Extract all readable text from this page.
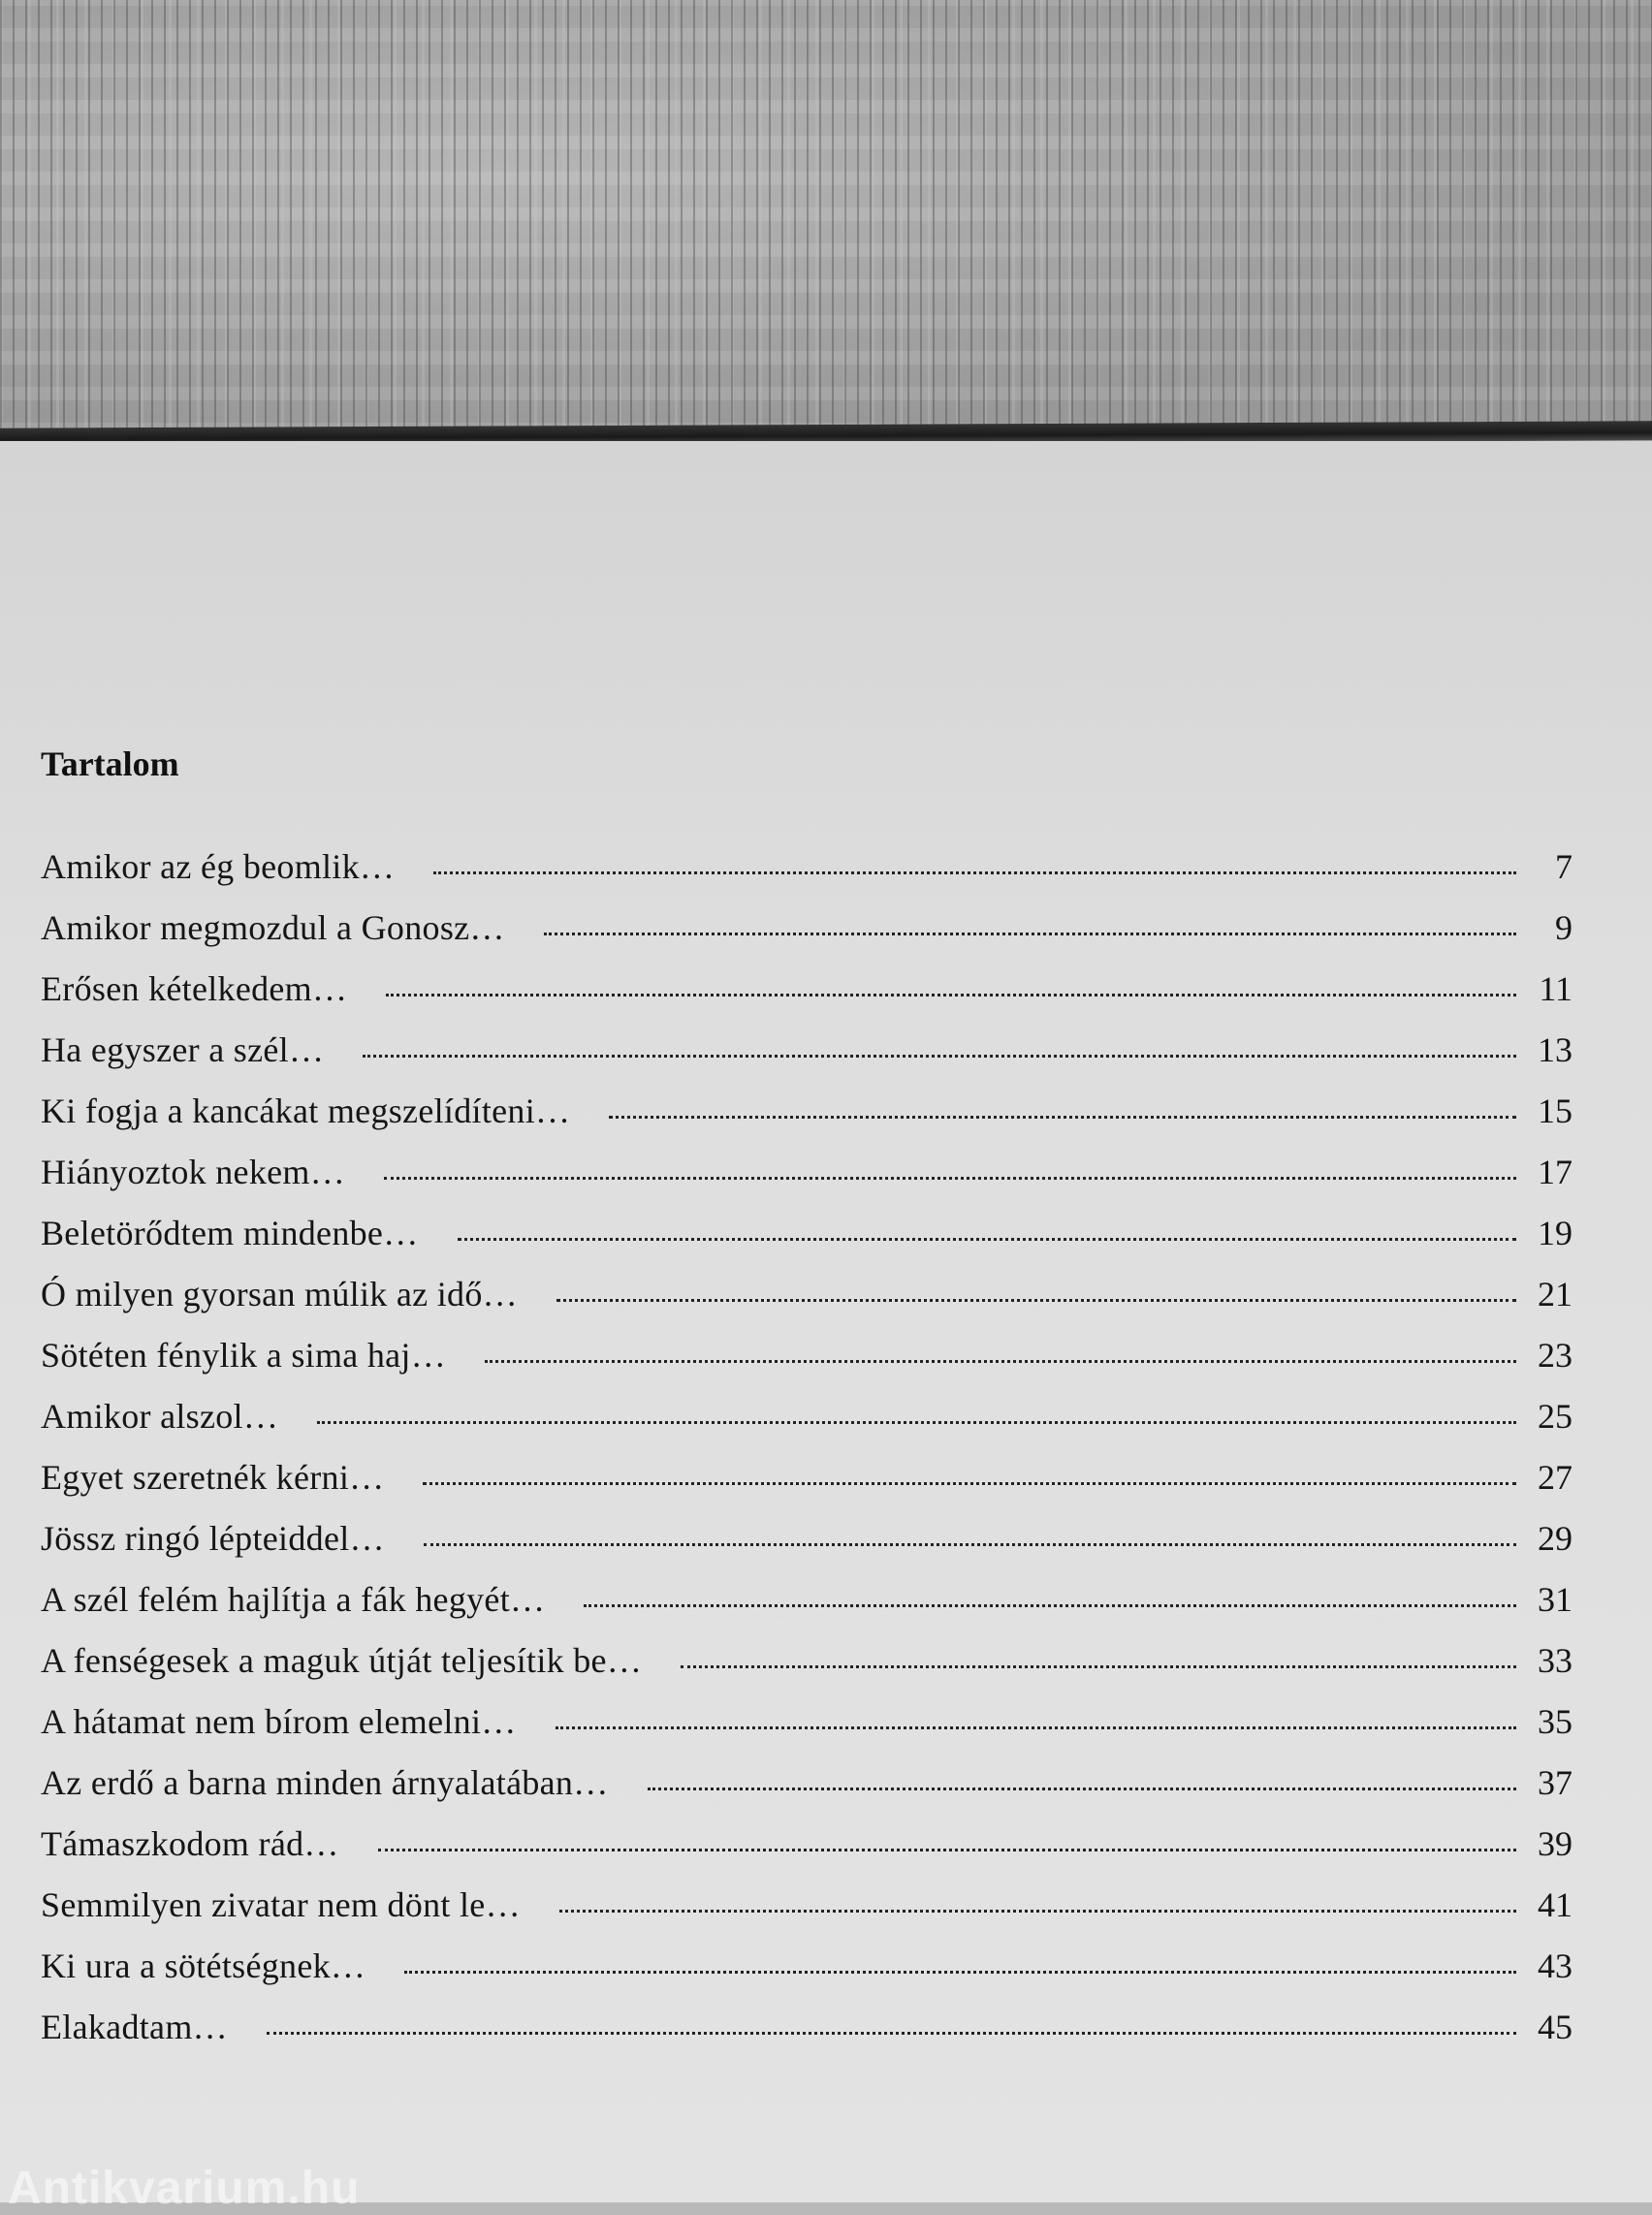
Tartalom
Amikor az ég beomlik…	7
Amikor megmozdul a Gonosz…	9
Erősen kételkedem…	11
Ha egyszer a szél…	13
Ki fogja a kancákat megszelídíteni…	15
Hiányoztok nekem…	17
Beletörődtem mindenbe…	19
Ó milyen gyorsan múlik az idő…	21
Sötéten fénylik a sima haj…	23
Amikor alszol…	25
Egyet szeretnék kérni…	27
Jössz ringó lépteiddel…	29
A szél felém hajlítja a fák hegyét…	31
A fenségesek a maguk útját teljesítik be…	33
A hátamat nem bírom elemelni…	35
Az erdő a barna minden árnyalatában…	37
Támaszkodom rád…	39
Semmilyen zivatar nem dönt le…	41
Ki ura a sötétségnek…	43
Elakadtam…	45
Antikvarium.hu
